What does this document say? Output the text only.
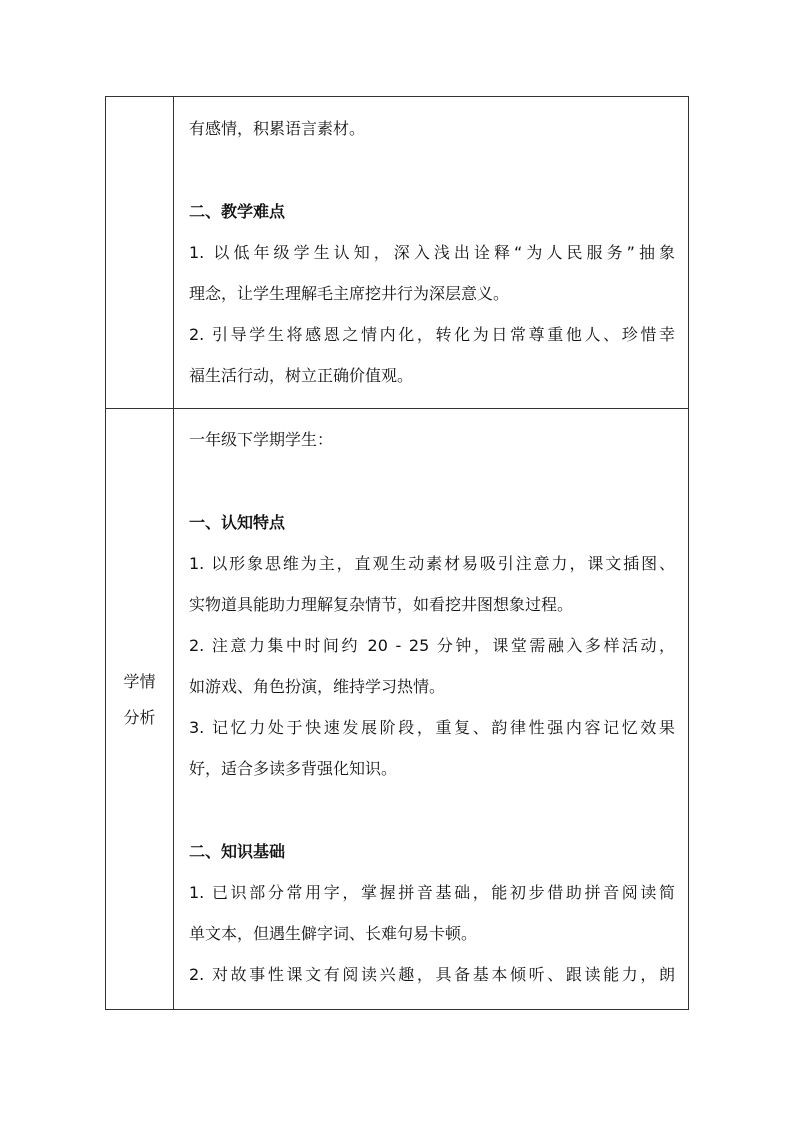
有感情，积累语言素材。
二、教学难点
1. 以低年级学生认知，深入浅出诠释“为人民服务”抽象
理念，让学生理解毛主席挖井行为深层意义。
2. 引导学生将感恩之情内化，转化为日常尊重他人、珍惜幸
福生活行动，树立正确价值观。
学情
分析
一年级下学期学生：
一、认知特点
1. 以形象思维为主，直观生动素材易吸引注意力，课文插图、
实物道具能助力理解复杂情节，如看挖井图想象过程。
2. 注意力集中时间约 20 - 25 分钟，课堂需融入多样活动，
如游戏、角色扮演，维持学习热情。
3. 记忆力处于快速发展阶段，重复、韵律性强内容记忆效果
好，适合多读多背强化知识。
二、知识基础
1. 已识部分常用字，掌握拼音基础，能初步借助拼音阅读简
单文本，但遇生僻字词、长难句易卡顿。
2. 对故事性课文有阅读兴趣，具备基本倾听、跟读能力，朗
